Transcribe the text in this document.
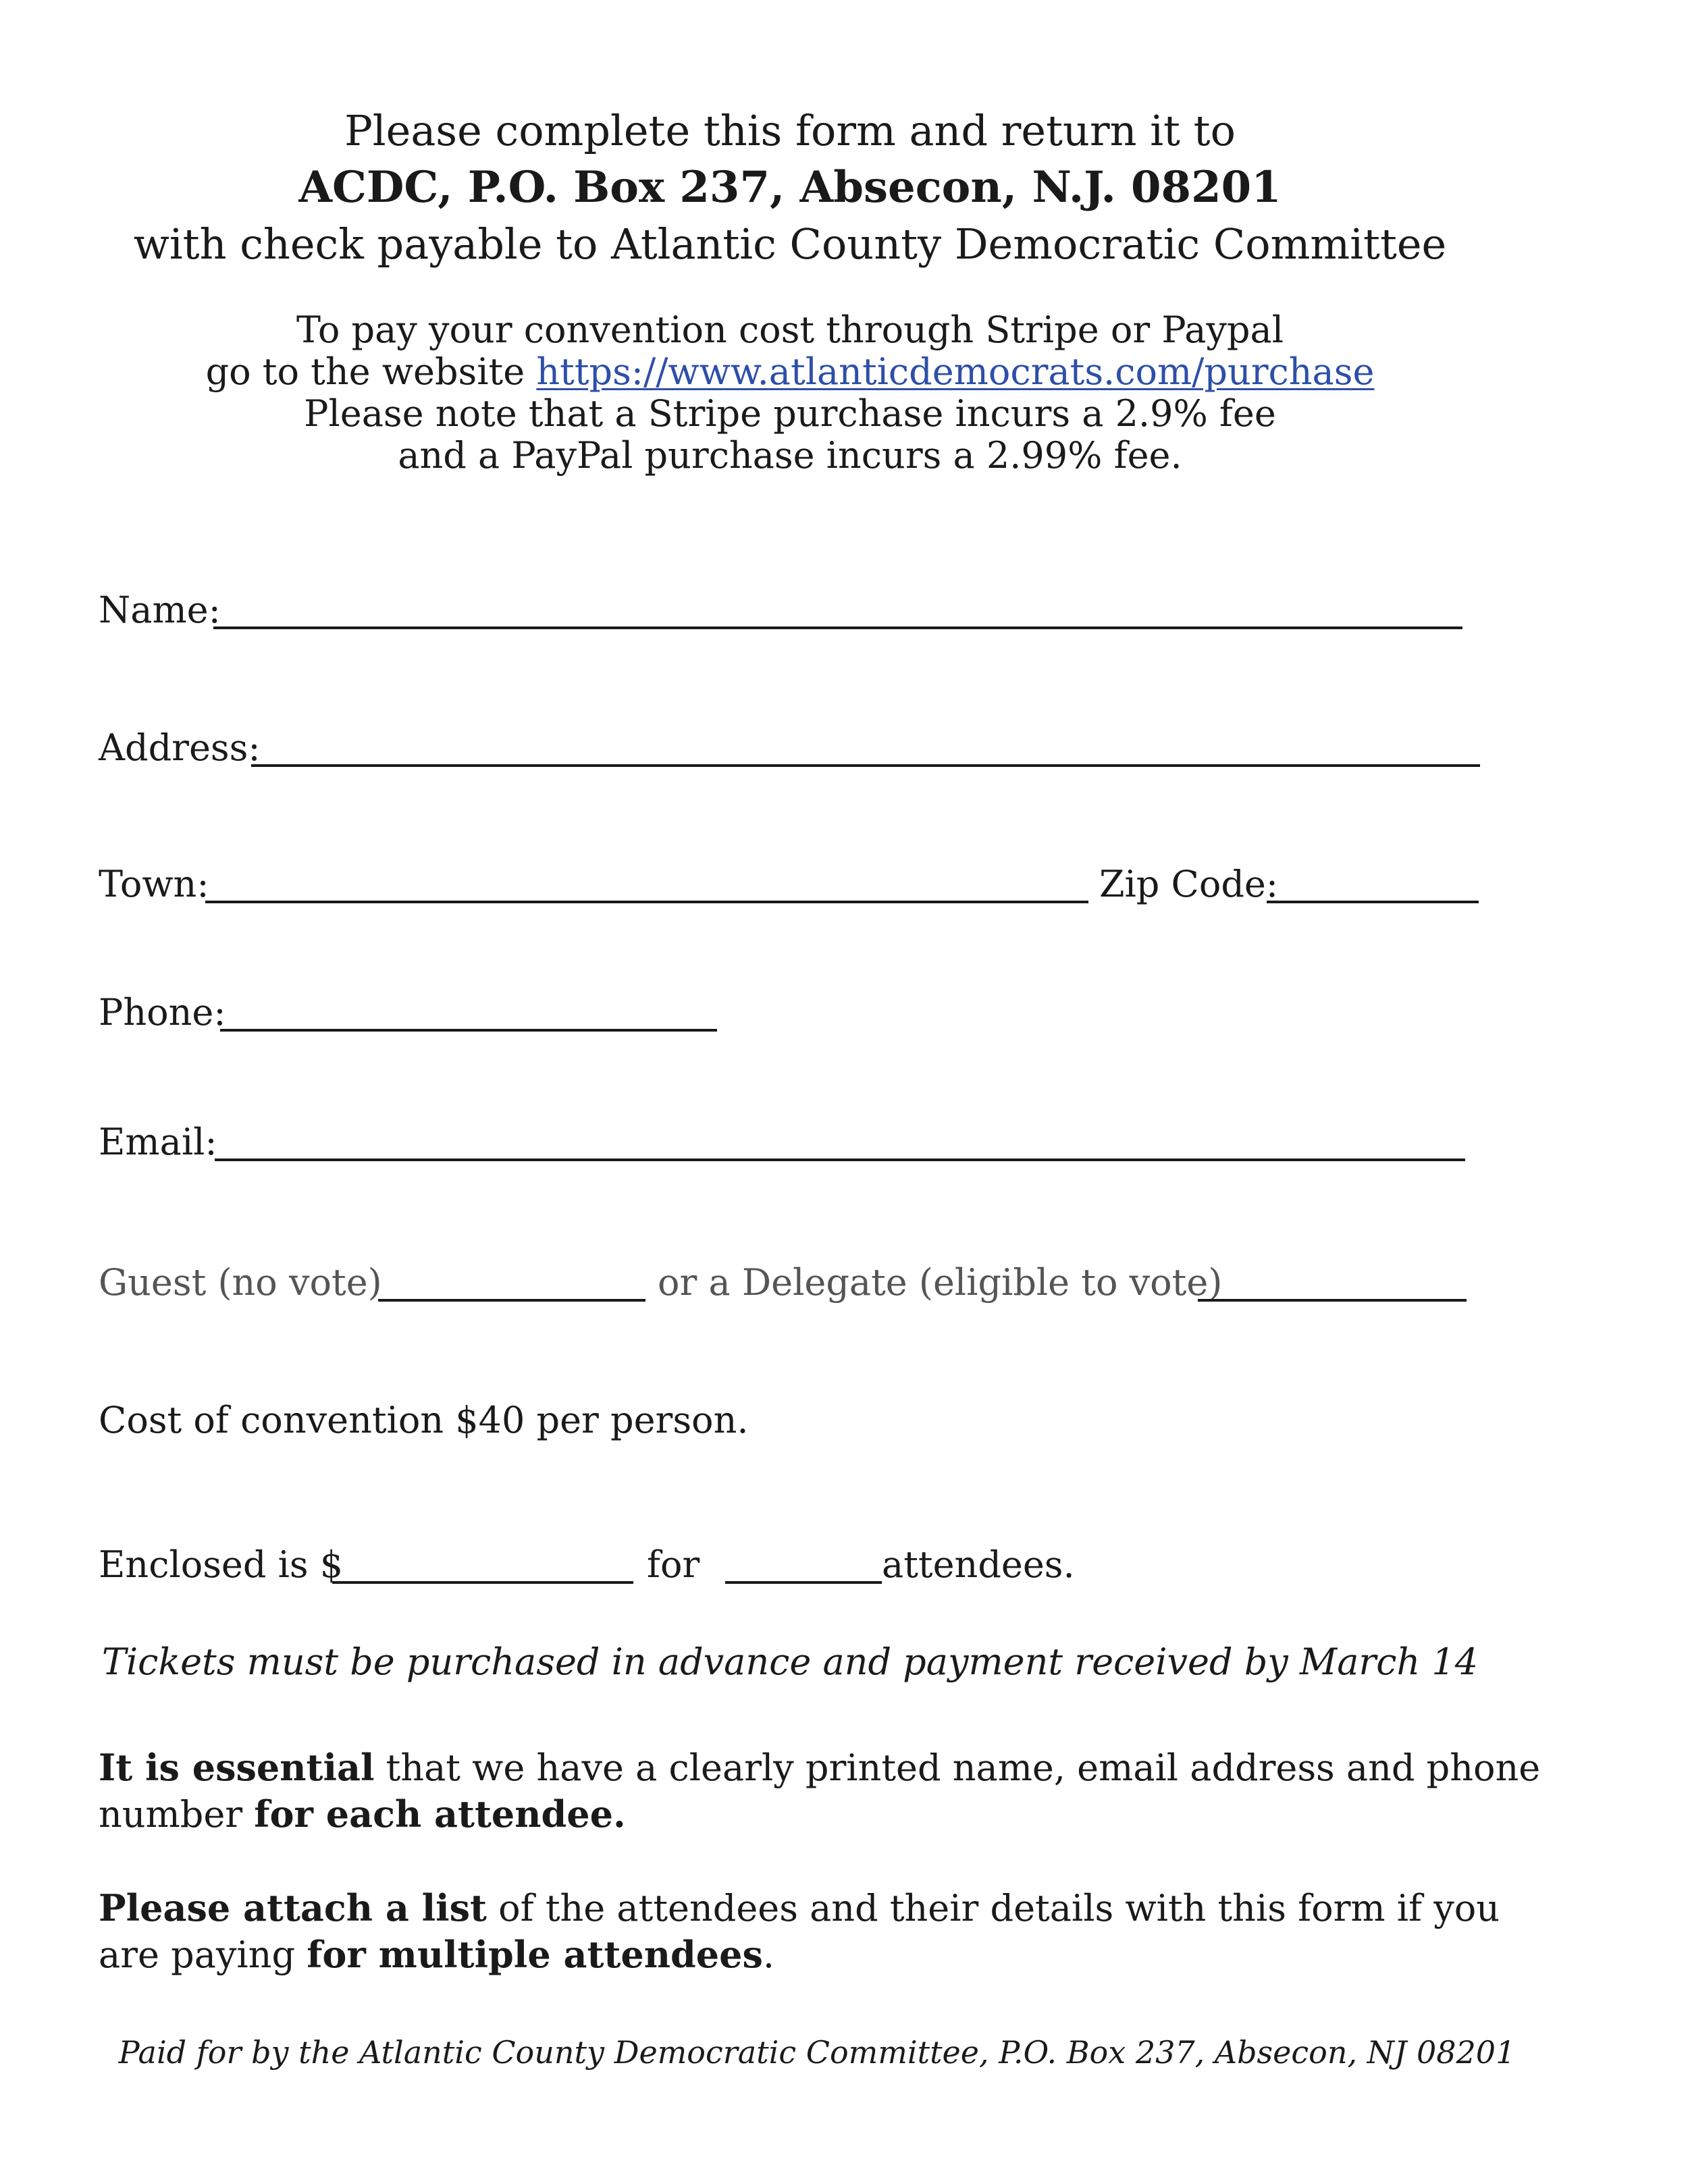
Please complete this form and return it to
ACDC, P.O. Box 237, Absecon, N.J. 08201
with check payable to Atlantic County Democratic Committee
To pay your convention cost through Stripe or Paypal
go to the website https://www.atlanticdemocrats.com/purchase
Please note that a Stripe purchase incurs a 2.9% fee
and a PayPal purchase incurs a 2.99% fee.
Name:
Address:
Town:	Zip Code:
Phone:
Email:
Guest (no vote)	or a Delegate (eligible to vote)
Cost of convention $40 per person.
Enclosed is $	for	attendees.
Tickets must be purchased in advance and payment received by March 14
It is essential that we have a clearly printed name, email address and phone number for each attendee.
Please attach a list of the attendees and their details with this form if you are paying for multiple attendees.
Paid for by the Atlantic County Democratic Committee, P.O. Box 237, Absecon, NJ 08201
